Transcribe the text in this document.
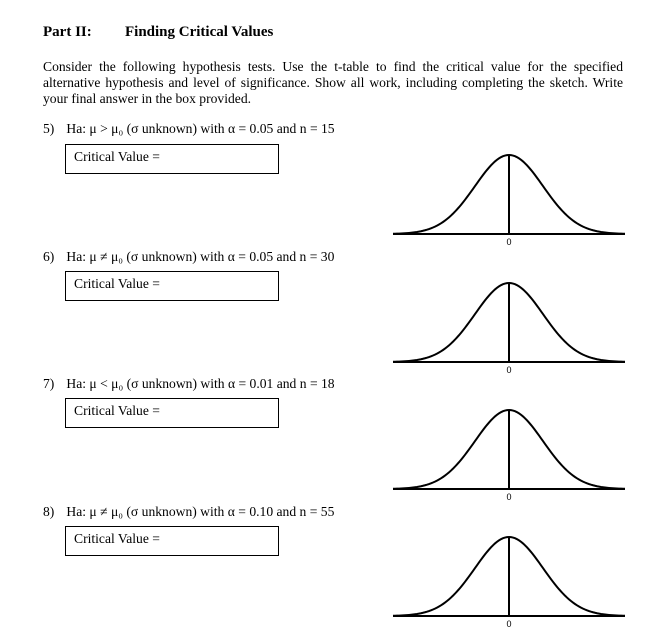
Part II: Finding Critical Values
Consider the following hypothesis tests. Use the t-table to find the critical value for the specified alternative hypothesis and level of significance. Show all work, including completing the sketch. Write your final answer in the box provided.
5) Ha: μ > μ₀ (σ unknown) with α = 0.05 and n = 15
Critical Value =
0
6) Ha: μ ≠ μ₀ (σ unknown) with α = 0.05 and n = 30
Critical Value =
0
7) Ha: μ < μ₀ (σ unknown) with α = 0.01 and n = 18
Critical Value =
0
8) Ha: μ ≠ μ₀ (σ unknown) with α = 0.10 and n = 55
Critical Value =
0
